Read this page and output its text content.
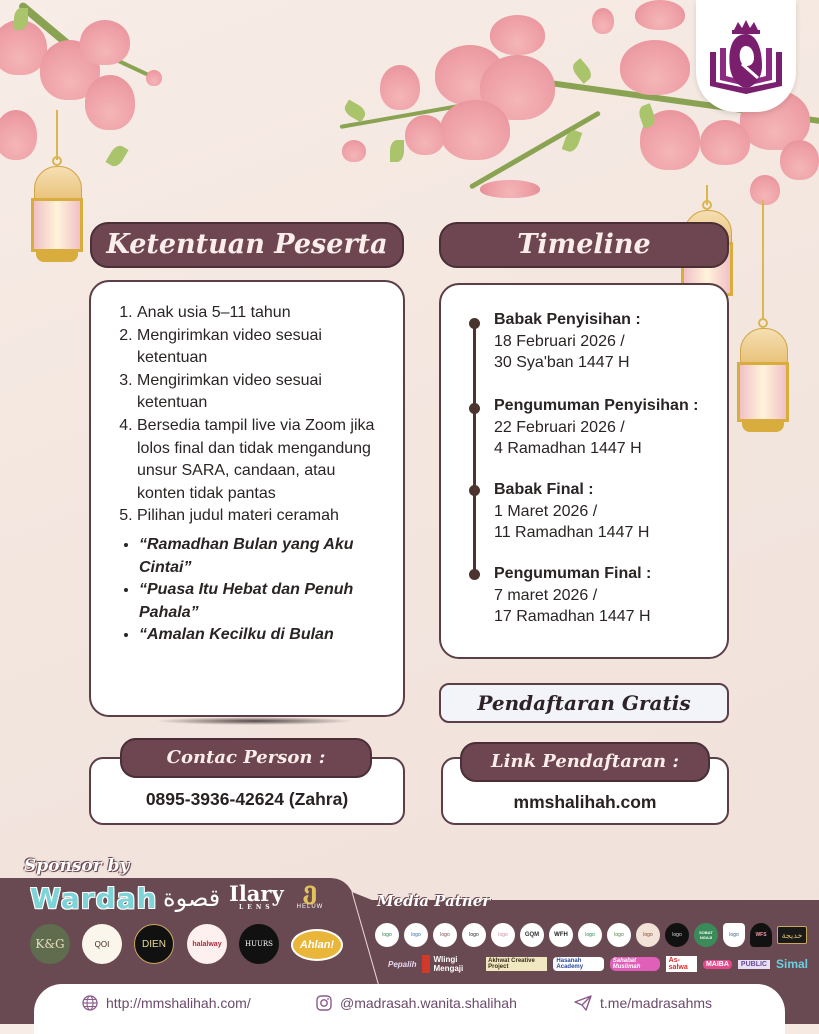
Ketentuan Peserta
1. Anak usia 5–11 tahun
2. Mengirimkan video sesuai ketentuan
3. Mengirimkan video sesuai ketentuan
4. Bersedia tampil live via Zoom jika lolos final dan tidak mengandung unsur SARA, candaan, atau konten tidak pantas
5. Pilihan judul materi ceramah
• “Ramadhan Bulan yang Aku Cintai”
• “Puasa Itu Hebat dan Penuh Pahala”
• “Amalan Kecilku di Bulan
Timeline
Babak Penyisihan :
18 Februari 2026 /
30 Sya'ban 1447 H
Pengumuman Penyisihan :
22 Februari 2026 /
4 Ramadhan 1447 H
Babak Final :
1 Maret 2026 /
11 Ramadhan 1447 H
Pengumuman Final :
7 maret 2026 /
17 Ramadhan 1447 H
Pendaftaran Gratis
Contac Person :
0895-3936-42624 (Zahra)
Link Pendaftaran :
mmshalihah.com
Sponsor by
Wardah قصوة Ilary
LENS
ე
HELUW
K&G	QOI	DIEN	halalway	HUURS	Ahlan!
Media Patner
logo	logo	logo	logo	logo	GQM	WFH	logo	logo	logo	logo	SOBAT NGAJI	logo	WFS	خديجة
Pepalih	Wlingi Mengaji
Akhwat Creative Project
Hasanah Academy
Sahabat Muslimah
As-salwa	MAIBA	PUBLIC Simal
http://mmshalihah.com/	@madrasah.wanita.shalihah	t.me/madrasahms
